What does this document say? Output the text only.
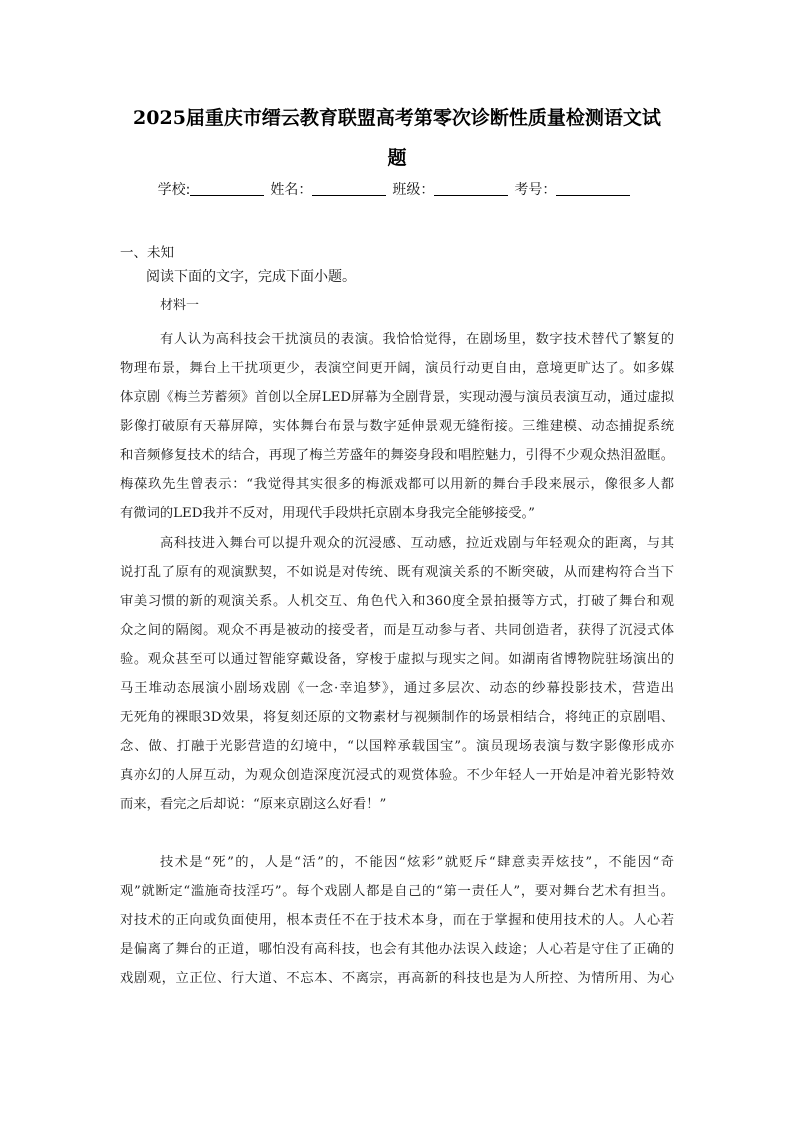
2025届重庆市缙云教育联盟高考第零次诊断性质量检测语文试
题
学校:	姓名：	班级：	考号：
一、未知
阅读下面的文字，完成下面小题。
材料一
有人认为高科技会干扰演员的表演。我恰恰觉得，在剧场里，数字技术替代了繁复的
物理布景，舞台上干扰项更少，表演空间更开阔，演员行动更自由，意境更旷达了。如多媒
体京剧《梅兰芳蓄须》首创以全屏LED屏幕为全剧背景，实现动漫与演员表演互动，通过虚拟
影像打破原有天幕屏障，实体舞台布景与数字延伸景观无缝衔接。三维建模、动态捕捉系统
和音频修复技术的结合，再现了梅兰芳盛年的舞姿身段和唱腔魅力，引得不少观众热泪盈眶。
梅葆玖先生曾表示：“我觉得其实很多的梅派戏都可以用新的舞台手段来展示，像很多人都
有微词的LED我并不反对，用现代手段烘托京剧本身我完全能够接受。”
高科技进入舞台可以提升观众的沉浸感、互动感，拉近戏剧与年轻观众的距离，与其
说打乱了原有的观演默契，不如说是对传统、既有观演关系的不断突破，从而建构符合当下
审美习惯的新的观演关系。人机交互、角色代入和360度全景拍摄等方式，打破了舞台和观
众之间的隔阂。观众不再是被动的接受者，而是互动参与者、共同创造者，获得了沉浸式体
验。观众甚至可以通过智能穿戴设备，穿梭于虚拟与现实之间。如湖南省博物院驻场演出的
马王堆动态展演小剧场戏剧《一念·幸追梦》，通过多层次、动态的纱幕投影技术，营造出
无死角的裸眼3D效果，将复刻还原的文物素材与视频制作的场景相结合，将纯正的京剧唱、
念、做、打融于光影营造的幻境中，“以国粹承载国宝”。演员现场表演与数字影像形成亦
真亦幻的人屏互动，为观众创造深度沉浸式的观赏体验。不少年轻人一开始是冲着光影特效
而来，看完之后却说：“原来京剧这么好看！”
技术是“死”的，人是“活”的，不能因“炫彩”就贬斥“肆意卖弄炫技”，不能因“奇
观”就断定“滥施奇技淫巧”。每个戏剧人都是自己的“第一责任人”，要对舞台艺术有担当。
对技术的正向或负面使用，根本责任不在于技术本身，而在于掌握和使用技术的人。人心若
是偏离了舞台的正道，哪怕没有高科技，也会有其他办法误入歧途；人心若是守住了正确的
戏剧观，立正位、行大道、不忘本、不离宗，再高新的科技也是为人所控、为情所用、为心
